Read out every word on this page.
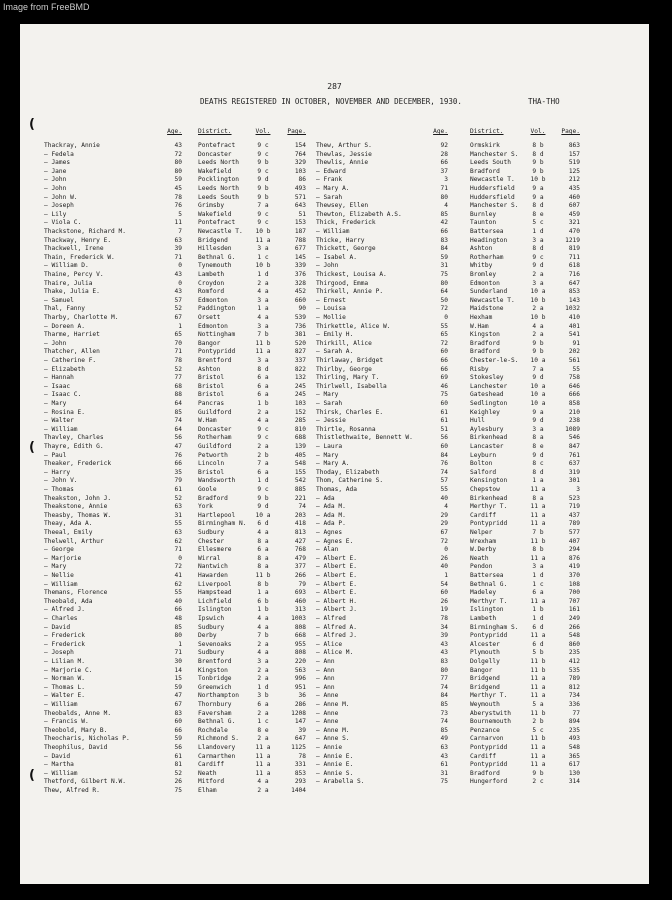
Image from FreeBMD
287
DEATHS REGISTERED IN OCTOBER, NOVEMBER AND DECEMBER, 1930.	THA-THO
(
(
(
Age.	District.	Vol.	Page.	Age.	District.	Vol.	Page.
Thackray, Annie	43	Pontefract	9 c	154
— Fedela	72	Doncaster	9 c	764
— James	80	Leeds North	9 b	329
— Jane	80	Wakefield	9 c	103
— John	59	Pocklington	9 d	86
— John	45	Leeds North	9 b	493
— John W.	78	Leeds South	9 b	571
— Joseph	76	Grimsby	7 a	643
— Lily	5	Wakefield	9 c	51
— Viola C.	11	Pontefract	9 c	153
Thackstone, Richard M.	7	Newcastle T.	10 b	187
Thackway, Henry E.	63	Bridgend	11 a	788
Thackwell, Irene	39	Hillesden	3 a	677
Thain, Frederick W.	71	Bethnal G.	1 c	145
— William D.	0	Tynemouth	10 b	339
Thaine, Percy V.	43	Lambeth	1 d	376
Thaire, Julia	0	Croydon	2 a	328
Thake, Julia E.	43	Romford	4 a	452
— Samuel	57	Edmonton	3 a	660
Thal, Fanny	52	Paddington	1 a	90
Tharby, Charlotte M.	67	Orsett	4 a	539
— Doreen A.	1	Edmonton	3 a	736
Tharme, Harriet	65	Nottingham	7 b	381
— John	70	Bangor	11 b	520
Thatcher, Allen	71	Pontypridd	11 a	827
— Catherine F.	78	Brentford	3 a	337
— Elizabeth	52	Ashton	8 d	822
— Hannah	77	Bristol	6 a	132
— Isaac	68	Bristol	6 a	245
— Isaac C.	88	Bristol	6 a	245
— Mary	64	Pancras	1 b	103
— Rosina E.	85	Guildford	2 a	152
— Walter	74	W.Ham	4 a	285
— William	64	Doncaster	9 c	810
Thavley, Charles	56	Rotherham	9 c	688
Thayre, Edith G.	47	Guildford	2 a	139
— Paul	76	Petworth	2 b	405
Theaker, Frederick	66	Lincoln	7 a	548
— Harry	35	Bristol	6 a	155
— John V.	79	Wandsworth	1 d	542
— Thomas	61	Goole	9 c	885
Theakston, John J.	52	Bradford	9 b	221
Theakstone, Annie	63	York	9 d	74
Theasby, Thomas W.	31	Hartlepool	10 a	203
Theay, Ada A.	55	Birmingham N.	6 d	418
Theeal, Emily	63	Sudbury	4 a	813
Thelwell, Arthur	62	Chester	8 a	427
— George	71	Ellesmere	6 a	768
— Marjorie	0	Wirral	8 a	479
— Mary	72	Nantwich	8 a	377
— Nellie	41	Hawarden	11 b	266
— William	62	Liverpool	8 b	79
Themans, Florence	55	Hampstead	1 a	693
Theobald, Ada	40	Lichfield	6 b	460
— Alfred J.	66	Islington	1 b	313
— Charles	48	Ipswich	4 a	1003
— David	85	Sudbury	4 a	808
— Frederick	80	Derby	7 b	668
— Frederick	1	Sevenoaks	2 a	955
— Joseph	71	Sudbury	4 a	808
— Lilian M.	30	Brentford	3 a	220
— Marjorie C.	14	Kingston	2 a	563
— Norman W.	15	Tonbridge	2 a	996
— Thomas L.	59	Greenwich	1 d	951
— Walter E.	47	Northampton	3 b	36
— William	67	Thornbury	6 a	286
Theobalds, Anne M.	83	Faversham	2 a	1208
— Francis W.	60	Bethnal G.	1 c	147
Theobold, Mary B.	66	Rochdale	8 e	39
Theocharis, Nicholas P.	59	Richmond S.	2 a	647
Theophilus, David	56	Llandovery	11 a	1125
— David	61	Carmarthen	11 a	78
— Martha	81	Cardiff	11 a	331
— William	52	Neath	11 a	853
Thetford, Gilbert N.W.	26	Mitford	4 a	293
Thew, Alfred R.	75	Elham	2 a	1404
Thew, Arthur S.	92	Ormskirk	8 b	863
Thewlas, Jessie	28	Manchester S.	8 d	157
Thewlis, Annie	66	Leeds South	9 b	519
— Edward	37	Bradford	9 b	125
— Frank	3	Newcastle T.	10 b	212
— Mary A.	71	Huddersfield	9 a	435
— Sarah	80	Huddersfield	9 a	460
Thewsey, Ellen	4	Manchester S.	8 d	607
Thewton, Elizabeth A.S.	85	Burnley	8 e	459
Thick, Frederick	42	Taunton	5 c	321
— William	66	Battersea	1 d	470
Thicke, Harry	83	Headington	3 a	1219
Thickett, George	84	Ashton	8 d	819
— Isabel A.	59	Rotherham	9 c	711
— John	31	Whitby	9 d	618
Thickest, Louisa A.	75	Bromley	2 a	716
Thirgood, Emma	80	Edmonton	3 a	647
Thirkell, Annie P.	64	Sunderland	10 a	853
— Ernest	50	Newcastle T.	10 b	143
— Louisa	72	Maidstone	2 a	1032
— Mollie	0	Hexham	10 b	410
Thirkettle, Alice W.	55	W.Ham	4 a	401
— Emily H.	65	Kingston	2 a	541
Thirkill, Alice	72	Bradford	9 b	91
— Sarah A.	60	Bradford	9 b	202
Thirlaway, Bridget	66	Chester-le-S.	10 a	561
Thirlby, George	66	Risby	7 a	55
Thirling, Mary T.	69	Stokesley	9 d	758
Thirlwell, Isabella	46	Lanchester	10 a	646
— Mary	75	Gateshead	10 a	666
— Sarah	60	Sedlington	10 a	858
Thirsk, Charles E.	61	Keighley	9 a	210
— Jessie	61	Hull	9 d	238
Thirtle, Rosanna	51	Aylesbury	3 a	1089
Thistlethwaite, Bennett W.	56	Birkenhead	8 a	546
— Laura	60	Lancaster	8 e	847
— Mary	84	Leyburn	9 d	761
— Mary A.	76	Bolton	8 c	637
Thoday, Elizabeth	74	Salford	8 d	319
Thom, Catherine S.	57	Kensington	1 a	301
Thomas, Ada	55	Chepstow	11 a	3
— Ada	40	Birkenhead	8 a	523
— Ada M.	4	Merthyr T.	11 a	719
— Ada M.	29	Cardiff	11 a	437
— Ada P.	29	Pontypridd	11 a	789
— Agnes	67	Nelper	7 b	577
— Agnes E.	72	Wrexham	11 b	407
— Alan	0	W.Derby	8 b	294
— Albert E.	26	Neath	11 a	876
— Albert E.	40	Pendon	3 a	419
— Albert E.	1	Battersea	1 d	370
— Albert E.	54	Bethnal G.	1 c	108
— Albert E.	60	Madeley	6 a	700
— Albert H.	26	Merthyr T.	11 a	707
— Albert J.	19	Islington	1 b	161
— Alfred	78	Lambeth	1 d	249
— Alfred A.	34	Birmingham S.	6 d	266
— Alfred J.	39	Pontypridd	11 a	548
— Alice	43	Alcester	6 d	860
— Alice M.	43	Plymouth	5 b	235
— Ann	83	Dolgelly	11 b	412
— Ann	80	Bangor	11 b	535
— Ann	77	Bridgend	11 a	789
— Ann	74	Bridgend	11 a	812
— Anne	84	Merthyr T.	11 a	734
— Anne M.	85	Weymouth	5 a	336
— Anne	73	Aberystwith	11 b	77
— Anne	74	Bournemouth	2 b	894
— Anne M.	85	Penzance	5 c	235
— Anne S.	49	Carnarvon	11 b	493
— Annie	63	Pontypridd	11 a	548
— Annie E.	43	Cardiff	11 a	365
— Annie E.	61	Pontypridd	11 a	617
— Annie S.	31	Bradford	9 b	130
— Arabella S.	75	Hungerford	2 c	314
